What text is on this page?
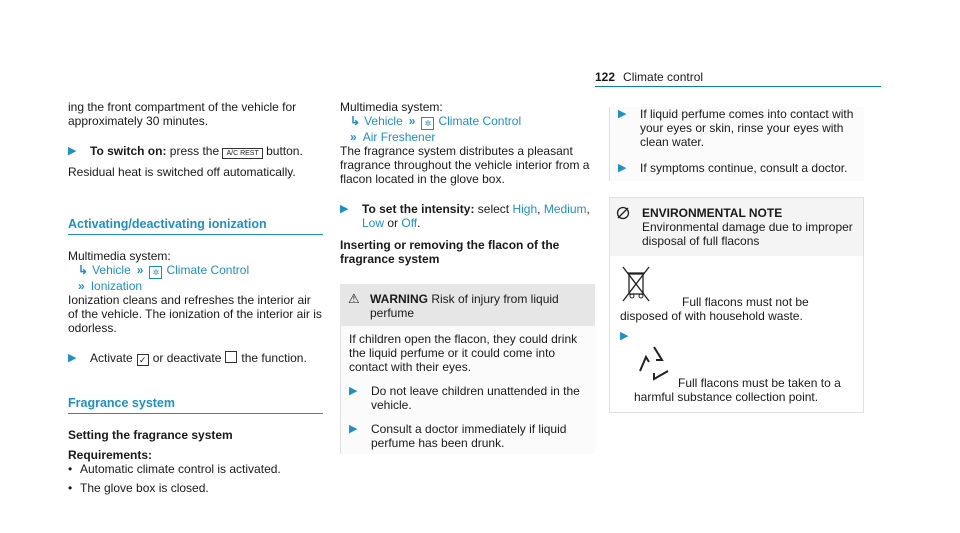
122 Climate control

ing the front compartment of the vehicle for approximately 30 minutes.

▶	To switch on: press the A/C REST button.

Residual heat is switched off automatically.

Activating/deactivating ionization

Multimedia system:

↳ Vehicle » ✲ Climate Control

» Ionization

Ionization cleans and refreshes the interior air of the vehicle. The ionization of the interior air is odorless.

▶	Activate ✓ or deactivate the function.
Fragrance system

Setting the fragrance system

Requirements:

• Automatic climate control is activated.
• The glove box is closed.

Multimedia system:

↳ Vehicle » ✲ Climate Control

» Air Freshener

The fragrance system distributes a pleasant fragrance throughout the vehicle interior from a flacon located in the glove box.

▶	To set the intensity: select High, Medium, Low or Off.

Inserting or removing the flacon of the fragrance system

⚠ WARNING Risk of injury from liquid perfume

If children open the flacon, they could drink the liquid perfume or it could come into contact with their eyes.

▶	Do not leave children unattended in the vehicle.
▶	Consult a doctor immediately if liquid perfume has been drunk.
▶	If liquid perfume comes into contact with your eyes or skin, rinse your eyes with clean water.
▶	If symptoms continue, consult a doctor.
ENVIRONMENTAL NOTE Environmental damage due to improper disposal of full flacons

Full flacons must not be disposed of with household waste.

▶

Full flacons must be taken to a harmful substance collection point.
